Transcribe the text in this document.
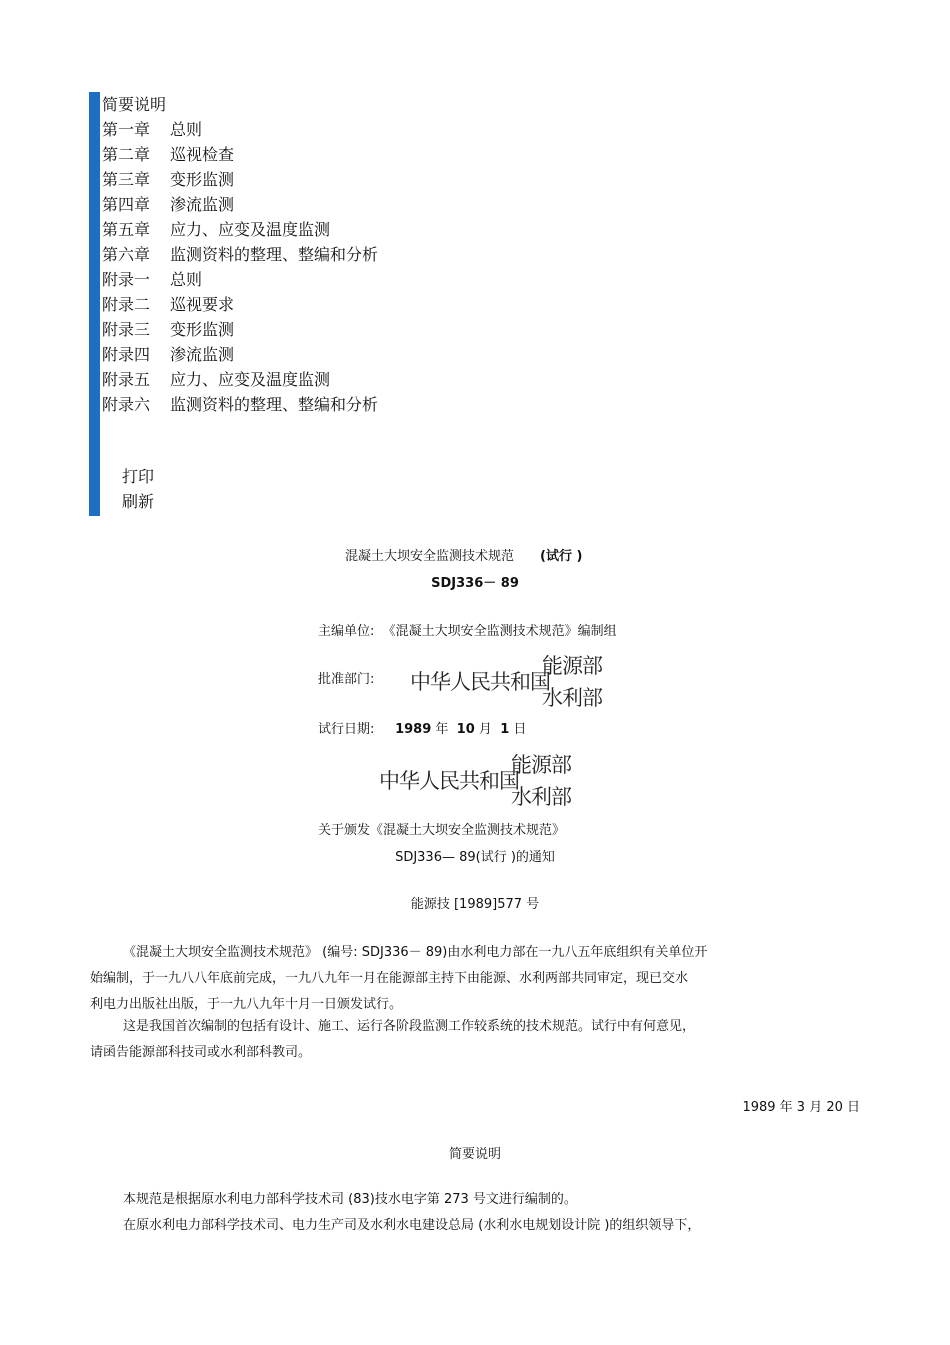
简要说明
第一章 总则
第二章 巡视检查
第三章 变形监测
第四章 渗流监测
第五章 应力、应变及温度监测
第六章 监测资料的整理、整编和分析
附录一 总则
附录二 巡视要求
附录三 变形监测
附录四 渗流监测
附录五 应力、应变及温度监测
附录六 监测资料的整理、整编和分析
打印
刷新
混凝土大坝安全监测技术规范 (试行 )
SDJ336－ 89
主编单位: 《混凝土大坝安全监测技术规范》编制组
批准部门: 中华人民共和国
能源部
水利部
试行日期: 1989 年 10 月 1 日
中华人民共和国
能源部
水利部
关于颁发《混凝土大坝安全监测技术规范》
SDJ336— 89(试行 )的通知
能源技 [1989]577 号
《混凝土大坝安全监测技术规范》 (编号: SDJ336－ 89)由水利电力部在一九八五年底组织有关单位开
始编制，于一九八八年底前完成，一九八九年一月在能源部主持下由能源、水利两部共同审定，现已交水
利电力出版社出版，于一九八九年十月一日颁发试行。
这是我国首次编制的包括有设计、施工、运行各阶段监测工作较系统的技术规范。试行中有何意见，
请函告能源部科技司或水利部科教司。
1989 年 3 月 20 日
简要说明
本规范是根据原水利电力部科学技术司 (83)技水电字第 273 号文进行编制的。
在原水利电力部科学技术司、电力生产司及水利水电建设总局 (水利水电规划设计院 )的组织领导下，
